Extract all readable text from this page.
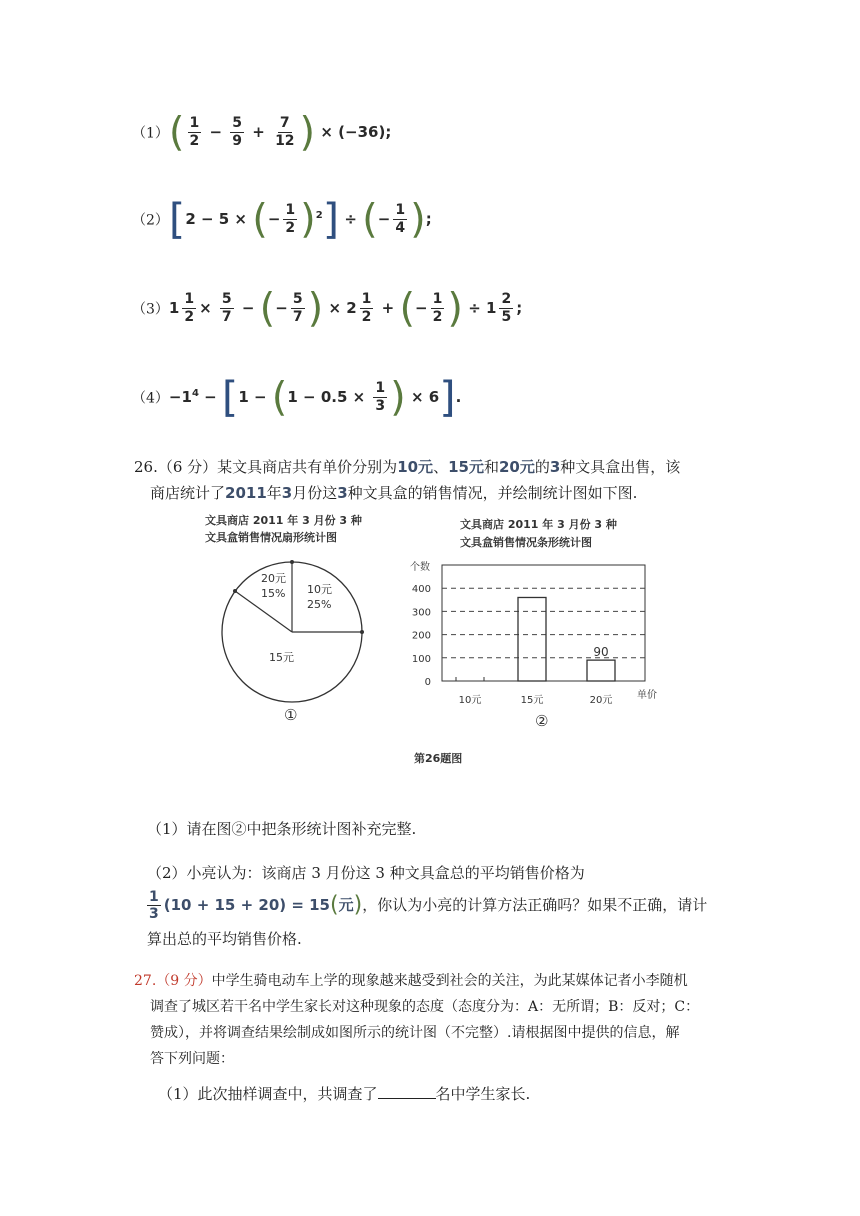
$(1)( \frac{1}{2} - \frac{5}{9} + \frac{7}{12}$ ) × (−36);
（2）[2 − 5 × (− $\frac{1}{2} )^2$] ÷ (− $\frac{1}{4}$ );
$(3)1 \frac{1}{2} \times \frac{5}{7}$ − (− $\frac{5}{7}$ ) × $2 \frac{1}{2}$ + (− $\frac{1}{2}$ ) ÷ $1 \frac{2}{5}$ ;
$(4)-1^4 - [1 - (1 - 0.5 \times \frac{1}{3}$ ) × 6].
26.（6 分）某文具商店共有单价分别为10元、15元和20元的3种文具盒出售，该
商店统计了2011年3月份这3种文具盒的销售情况，并绘制统计图如下图.
文具商店 2011 年 3 月份 3 种
文具盒销售情况扇形统计图
10元
25%
20元
15%
15元
①
文具商店 2011 年 3 月份 3 种
文具盒销售情况条形统计图
个数
0
100
200
300
400
90
10元	15元	20元 单价
②
第26题图
（1）请在图②中把条形统计图补充完整.
（2）小亮认为：该商店 3 月份这 3 种文具盒总的平均销售价格为
$\frac{1}{3} (10 + 15 + 20) = 15$(元)，你认为小亮的计算方法正确吗？如果不正确，请计
算出总的平均销售价格.
27.（9 分）中学生骑电动车上学的现象越来越受到社会的关注，为此某媒体记者小李随机
调查了城区若干名中学生家长对这种现象的态度（态度分为：A：无所谓；B：反对；C：
赞成），并将调查结果绘制成如图所示的统计图（不完整）.请根据图中提供的信息，解
答下列问题：
（1）此次抽样调查中，共调查了	名中学生家长.
